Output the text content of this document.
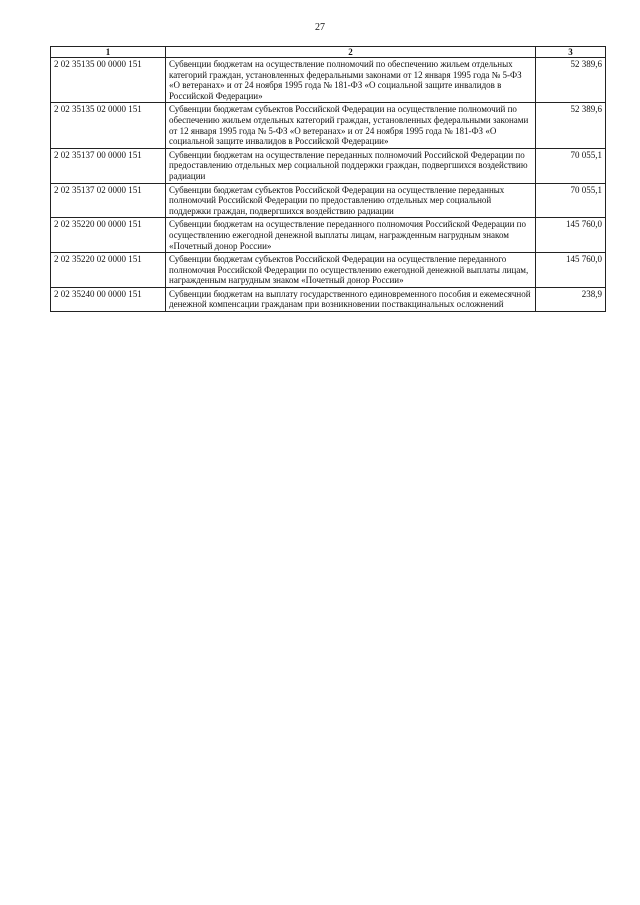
27
1	2	3
2 02 35135 00 0000 151	Субвенции бюджетам на осуществление полномочий по обеспечению жильем отдельных категорий граждан, установленных федеральными законами от 12 января 1995 года № 5-ФЗ «О ветеранах» и от 24 ноября 1995 года № 181-ФЗ «О социальной защите инвалидов в Российской Федерации»	52 389,6
2 02 35135 02 0000 151	Субвенции бюджетам субъектов Российской Федерации на осуществление полномочий по обеспечению жильем отдельных категорий граждан, установленных федеральными законами от 12 января 1995 года № 5-ФЗ «О ветеранах» и от 24 ноября 1995 года № 181-ФЗ «О социальной защите инвалидов в Российской Федерации»	52 389,6
2 02 35137 00 0000 151	Субвенции бюджетам на осуществление переданных полномочий Российской Федерации по предоставлению отдельных мер социальной поддержки граждан, подвергшихся воздействию радиации	70 055,1
2 02 35137 02 0000 151	Субвенции бюджетам субъектов Российской Федерации на осуществление переданных полномочий Российской Федерации по предоставлению отдельных мер социальной поддержки граждан, подвергшихся воздействию радиации	70 055,1
2 02 35220 00 0000 151	Субвенции бюджетам на осуществление переданного полномочия Российской Федерации по осуществлению ежегодной денежной выплаты лицам, награжденным нагрудным знаком «Почетный донор России»	145 760,0
2 02 35220 02 0000 151	Субвенции бюджетам субъектов Российской Федерации на осуществление переданного полномочия Российской Федерации по осуществлению ежегодной денежной выплаты лицам, награжденным нагрудным знаком «Почетный донор России»	145 760,0
2 02 35240 00 0000 151	Субвенции бюджетам на выплату государственного единовременного пособия и ежемесячной денежной компенсации гражданам при возникновении поствакцинальных осложнений	238,9
